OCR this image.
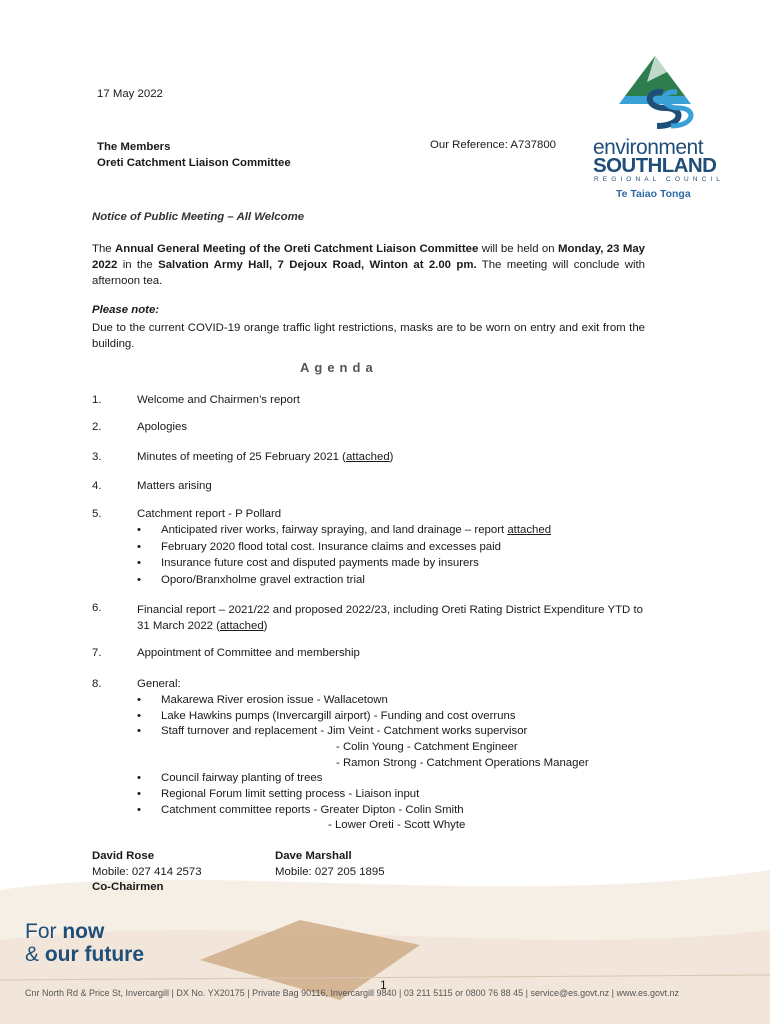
17 May 2022
The Members
Oreti Catchment Liaison Committee
Our Reference: A737800 environment
SOUTHLAND
REGIONAL COUNCIL
Te Taiao Tonga
Notice of Public Meeting – All Welcome
The Annual General Meeting of the Oreti Catchment Liaison Committee will be held on Monday, 23 May 2022 in the Salvation Army Hall, 7 Dejoux Road, Winton at 2.00 pm. The meeting will conclude with afternoon tea.
Please note:
Due to the current COVID-19 orange traffic light restrictions, masks are to be worn on entry and exit from the building.
Agenda
1.	Welcome and Chairmen’s report
2.	Apologies
3.	Minutes of meeting of 25 February 2021 (attached)
4.	Matters arising
5.	Catchment report - P Pollard
• Anticipated river works, fairway spraying, and land drainage – report attached
• February 2020 flood total cost. Insurance claims and excesses paid
• Insurance future cost and disputed payments made by insurers
• Oporo/Branxholme gravel extraction trial
6.	Financial report – 2021/22 and proposed 2022/23, including Oreti Rating District Expenditure YTD to 31 March 2022 (attached)
7.	Appointment of Committee and membership
8.	General:
• Makarewa River erosion issue - Wallacetown
• Lake Hawkins pumps (Invercargill airport) - Funding and cost overruns
• Staff turnover and replacement - Jim Veint - Catchment works supervisor
- Colin Young - Catchment Engineer
- Ramon Strong - Catchment Operations Manager
• Council fairway planting of trees
• Regional Forum limit setting process - Liaison input
• Catchment committee reports - Greater Dipton - Colin Smith
- Lower Oreti - Scott Whyte
David Rose
Mobile: 027 414 2573
Co-Chairmen
Dave Marshall
Mobile: 027 205 1895
For now
& our future
1
Cnr North Rd & Price St, Invercargill | DX No. YX20175 | Private Bag 90116, Invercargill 9840 | 03 211 5115 or 0800 76 88 45 | service@es.govt.nz | www.es.govt.nz
